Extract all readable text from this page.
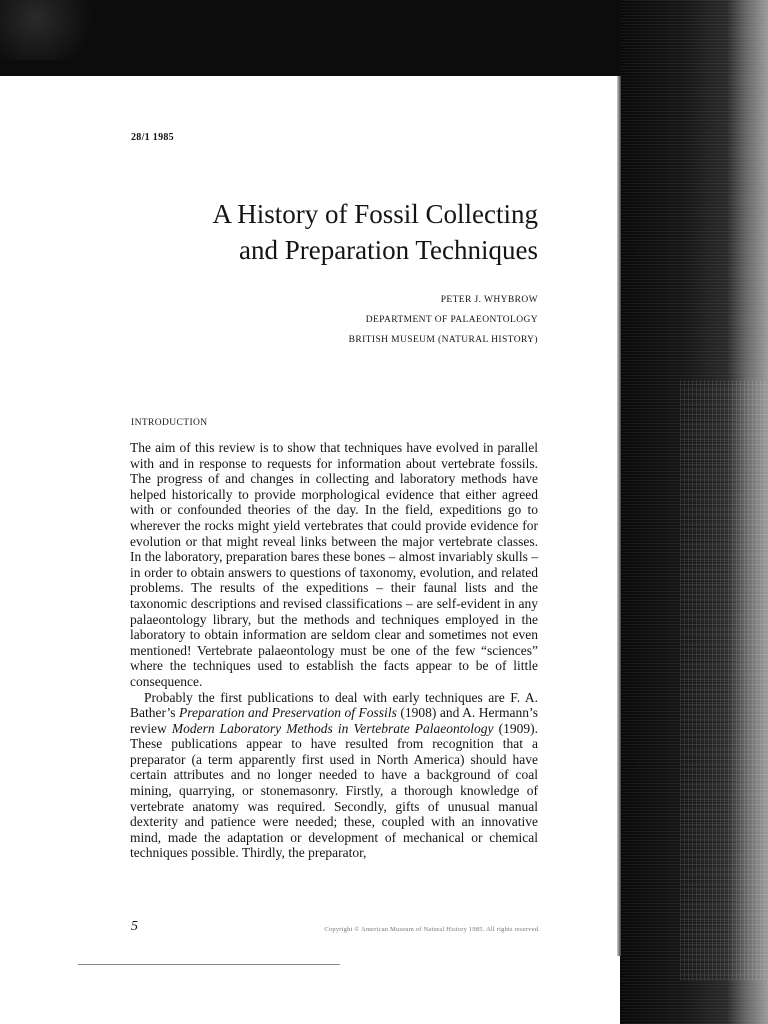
28/1 1985
A History of Fossil Collecting
and Preparation Techniques
PETER J. WHYBROW
DEPARTMENT OF PALAEONTOLOGY
BRITISH MUSEUM (NATURAL HISTORY)
INTRODUCTION

The aim of this review is to show that techniques have evolved in parallel with and in response to requests for information about vertebrate fossils. The progress of and changes in collecting and laboratory methods have helped historically to provide morphological evidence that either agreed with or confounded theories of the day. In the field, expeditions go to wherever the rocks might yield vertebrates that could provide evidence for evolution or that might reveal links between the major vertebrate classes. In the laboratory, preparation bares these bones – almost invariably skulls – in order to obtain answers to questions of taxonomy, evolution, and related problems. The results of the expeditions – their faunal lists and the taxonomic descriptions and revised classifications – are self-evident in any palaeontology library, but the methods and techniques employed in the laboratory to obtain information are seldom clear and sometimes not even mentioned! Vertebrate palaeontology must be one of the few “sciences” where the techniques used to establish the facts appear to be of little consequence.

Probably the first publications to deal with early techniques are F. A. Bather’s Preparation and Preservation of Fossils (1908) and A. Hermann’s review Modern Laboratory Methods in Vertebrate Palaeontology (1909). These publications appear to have resulted from recognition that a preparator (a term apparently first used in North America) should have certain attributes and no longer needed to have a background of coal mining, quarrying, or stonemasonry. Firstly, a thorough knowledge of vertebrate anatomy was required. Secondly, gifts of unusual manual dexterity and patience were needed; these, coupled with an innovative mind, made the adaptation or development of mechanical or chemical techniques possible. Thirdly, the preparator,

5	Copyright © American Museum of Natural History 1985. All rights reserved.
